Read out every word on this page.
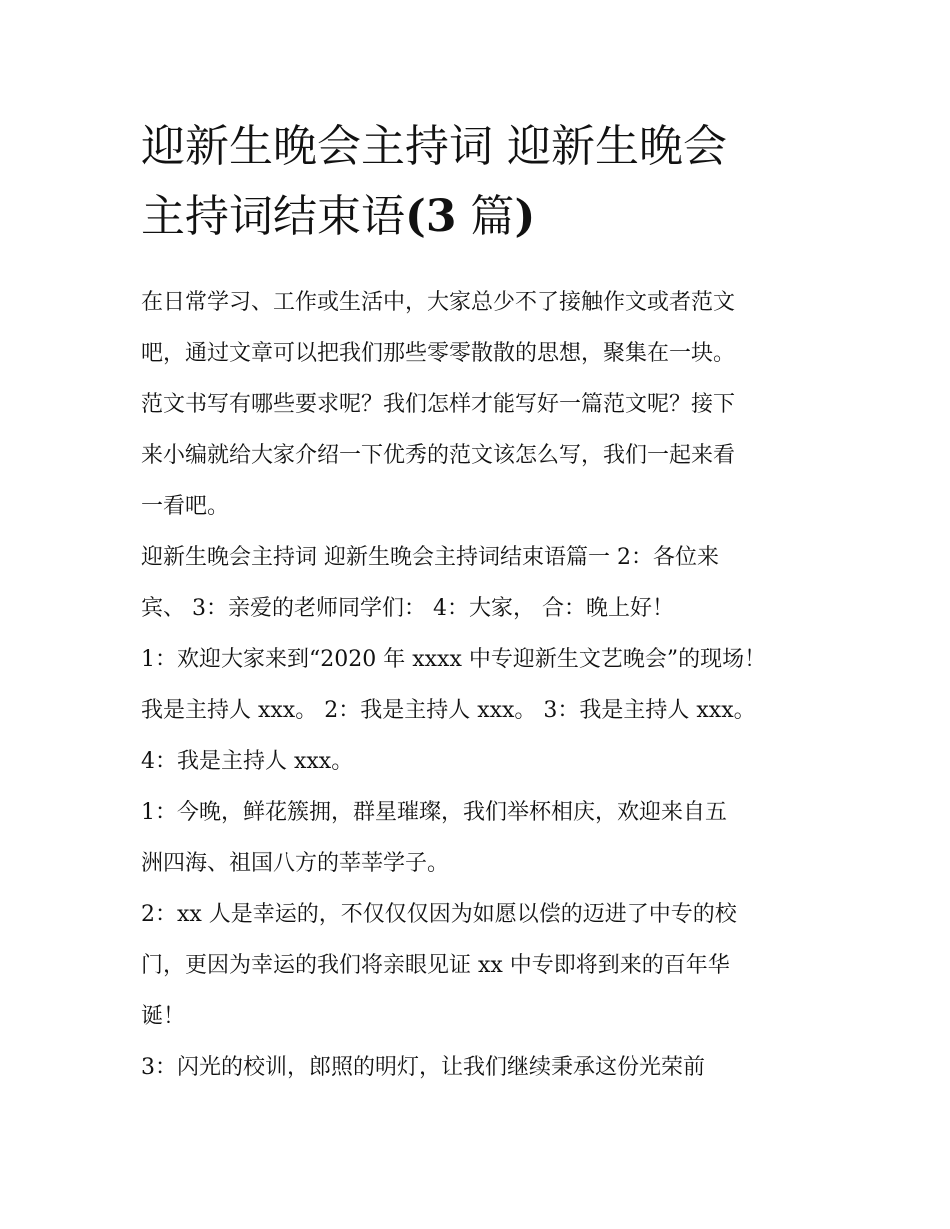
迎新生晚会主持词 迎新生晚会
主持词结束语(3 篇)
在日常学习、工作或生活中，大家总少不了接触作文或者范文
吧，通过文章可以把我们那些零零散散的思想，聚集在一块。
范文书写有哪些要求呢？我们怎样才能写好一篇范文呢？接下
来小编就给大家介绍一下优秀的范文该怎么写，我们一起来看
一看吧。
迎新生晚会主持词 迎新生晚会主持词结束语篇一 2：各位来
宾、 3：亲爱的老师同学们： 4：大家， 合：晚上好！
1：欢迎大家来到“2020 年 xxxx 中专迎新生文艺晚会”的现场！
我是主持人 xxx。 2：我是主持人 xxx。 3：我是主持人 xxx。
4：我是主持人 xxx。
1：今晚，鲜花簇拥，群星璀璨，我们举杯相庆，欢迎来自五
洲四海、祖国八方的莘莘学子。
2：xx 人是幸运的，不仅仅仅因为如愿以偿的迈进了中专的校
门，更因为幸运的我们将亲眼见证 xx 中专即将到来的百年华
诞！
3：闪光的校训，郎照的明灯，让我们继续秉承这份光荣前
